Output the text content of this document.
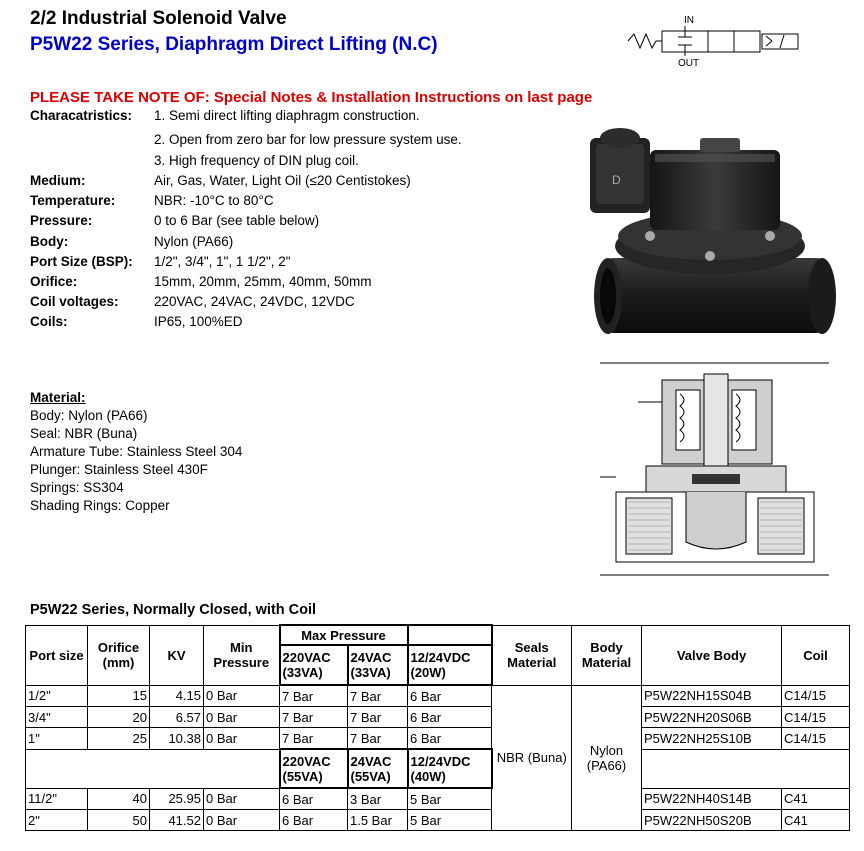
2/2 Industrial Solenoid Valve
P5W22 Series, Diaphragm Direct Lifting (N.C)
IN
OUT
PLEASE TAKE NOTE OF: Special Notes & Installation Instructions on last page
Characatristics: 1. Semi direct lifting diaphragm construction.
2. Open from zero bar for low pressure system use.
3. High frequency of DIN plug coil.
Medium:	Air, Gas, Water, Light Oil (≤20 Centistokes)
Temperature:	NBR: -10°C to 80°C
Pressure:	0 to 6 Bar (see table below)
Body:	Nylon (PA66)
Port Size (BSP): 1/2", 3/4", 1", 1 1/2", 2"
Orifice:	15mm, 20mm, 25mm, 40mm, 50mm
Coil voltages:	220VAC, 24VAC, 24VDC, 12VDC
Coils:	IP65, 100%ED
D
Material:
Body: Nylon (PA66)
Seal: NBR (Buna)
Armature Tube: Stainless Steel 304
Plunger: Stainless Steel 430F
Springs: SS304
Shading Rings: Copper
P5W22 Series, Normally Closed, with Coil
Port size	Orifice (mm)	KV	Min Pressure	Max Pressure			Seals Material	Body Material	Valve Body	Coil
				220VAC (33VA)	24VAC (33VA)	12/24VDC (20W)				
1/2"	15	4.15	0 Bar	7 Bar	7 Bar	6 Bar	NBR (Buna)	Nylon (PA66)	P5W22NH15S04B	C14/15
3/4"	20	6.57	0 Bar	7 Bar	7 Bar	6 Bar			P5W22NH20S06B	C14/15
1"	25	10.38	0 Bar	7 Bar	7 Bar	6 Bar			P5W22NH25S10B	C14/15
				220VAC (55VA)	24VAC (55VA)	12/24VDC (40W)				
11/2"	40	25.95	0 Bar	6 Bar	3 Bar	5 Bar			P5W22NH40S14B	C41
2"	50	41.52	0 Bar	6 Bar	1.5 Bar	5 Bar			P5W22NH50S20B	C41
